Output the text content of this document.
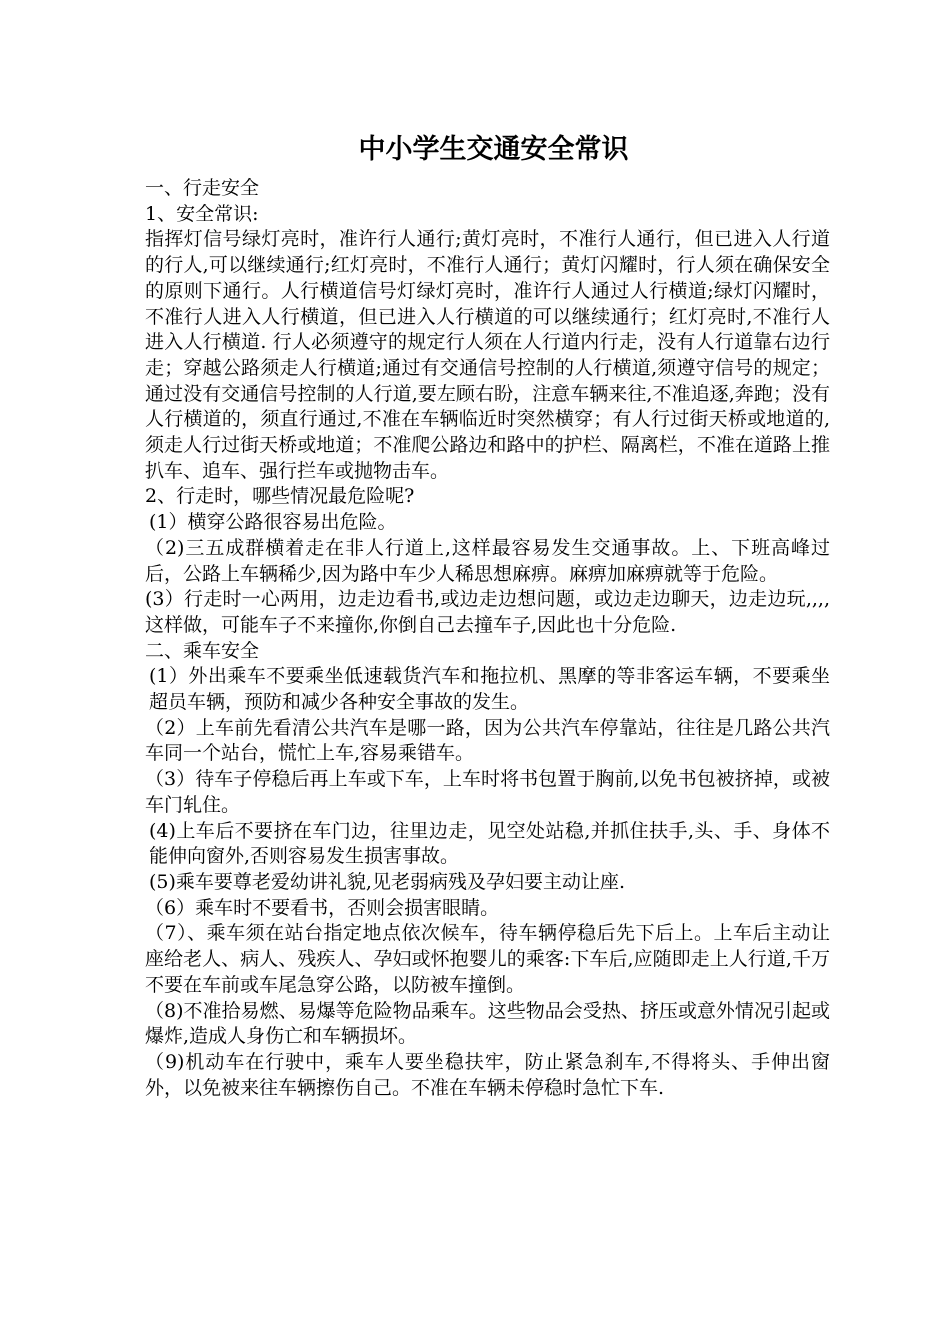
中小学生交通安全常识

一、行走安全

1、安全常识:

指挥灯信号绿灯亮时，准许行人通行;黄灯亮时，不准行人通行，但已进入人行道的行人,可以继续通行;红灯亮时，不准行人通行；黄灯闪耀时，行人须在确保安全的原则下通行。人行横道信号灯绿灯亮时，准许行人通过人行横道;绿灯闪耀时，不准行人进入人行横道，但已进入人行横道的可以继续通行；红灯亮时,不准行人进入人行横道. 行人必须遵守的规定行人须在人行道内行走，没有人行道靠右边行走；穿越公路须走人行横道;通过有交通信号控制的人行横道,须遵守信号的规定；通过没有交通信号控制的人行道,要左顾右盼，注意车辆来往,不准追逐,奔跑；没有人行横道的，须直行通过,不准在车辆临近时突然横穿；有人行过街天桥或地道的,须走人行过街天桥或地道；不准爬公路边和路中的护栏、隔离栏，不准在道路上推扒车、追车、强行拦车或抛物击车。

2、行走时，哪些情况最危险呢?

(1）横穿公路很容易出危险。

（2)三五成群横着走在非人行道上,这样最容易发生交通事故。上、下班高峰过后，公路上车辆稀少,因为路中车少人稀思想麻痹。麻痹加麻痹就等于危险。

(3）行走时一心两用，边走边看书,或边走边想问题，或边走边聊天，边走边玩,,,,这样做，可能车子不来撞你,你倒自己去撞车子,因此也十分危险.

二、乘车安全

(1）外出乘车不要乘坐低速载货汽车和拖拉机、黑摩的等非客运车辆，不要乘坐超员车辆，预防和减少各种安全事故的发生。

（2）上车前先看清公共汽车是哪一路，因为公共汽车停靠站，往往是几路公共汽车同一个站台，慌忙上车,容易乘错车。

（3）待车子停稳后再上车或下车，上车时将书包置于胸前,以免书包被挤掉，或被车门轧住。

(4)上车后不要挤在车门边，往里边走，见空处站稳,并抓住扶手,头、手、身体不能伸向窗外,否则容易发生损害事故。

(5)乘车要尊老爱幼讲礼貌,见老弱病残及孕妇要主动让座.

（6）乘车时不要看书，否则会损害眼睛。

（7）、乘车须在站台指定地点依次候车，待车辆停稳后先下后上。上车后主动让座给老人、病人、残疾人、孕妇或怀抱婴儿的乘客:下车后,应随即走上人行道,千万不要在车前或车尾急穿公路，以防被车撞倒。

（8)不准拾易燃、易爆等危险物品乘车。这些物品会受热、挤压或意外情况引起或爆炸,造成人身伤亡和车辆损坏。

（9)机动车在行驶中，乘车人要坐稳扶牢，防止紧急刹车,不得将头、手伸出窗外，以免被来往车辆擦伤自己。不准在车辆未停稳时急忙下车.
